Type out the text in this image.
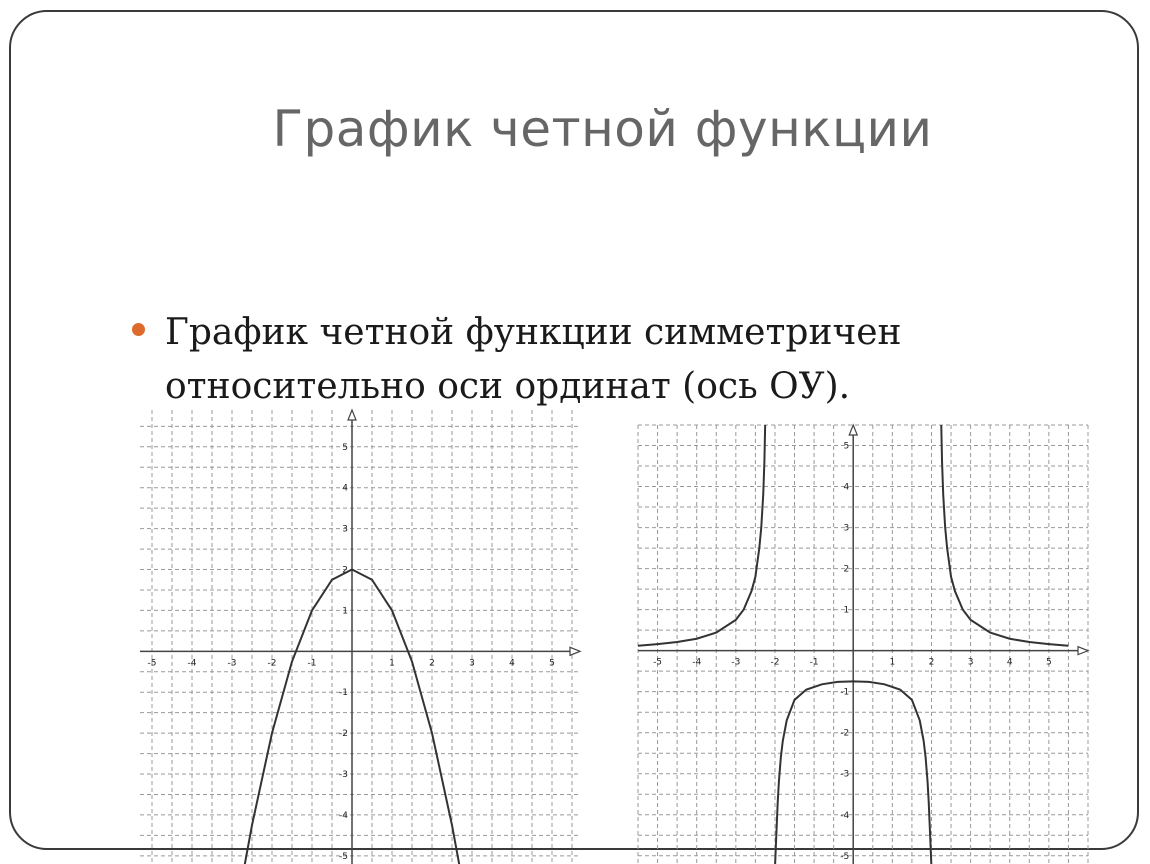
График четной функции
График четной функции симметричен
относительно оси ординат (ось ОУ).
-5	-4	-3	-2	-1	1	2	3	4	5
-5
-4
-3
-2
-1
1
2
3
4
5
-5	-4	-3	-2	-1	1	2	3	4	5
-5
-4
-3
-2
-1
1
2
3
4
5
